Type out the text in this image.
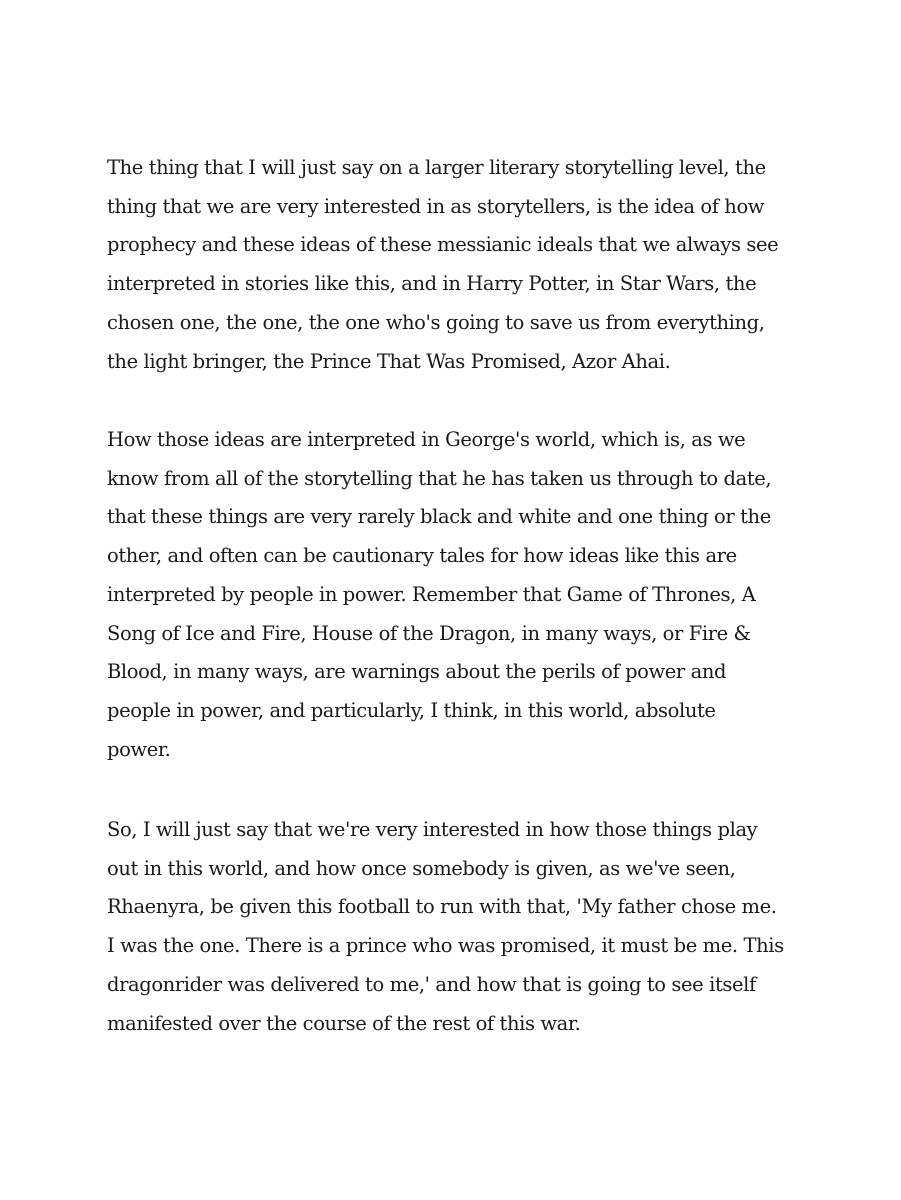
The thing that I will just say on a larger literary storytelling level, the
thing that we are very interested in as storytellers, is the idea of how
prophecy and these ideas of these messianic ideals that we always see
interpreted in stories like this, and in Harry Potter, in Star Wars, the
chosen one, the one, the one who's going to save us from everything,
the light bringer, the Prince That Was Promised, Azor Ahai.

How those ideas are interpreted in George's world, which is, as we
know from all of the storytelling that he has taken us through to date,
that these things are very rarely black and white and one thing or the
other, and often can be cautionary tales for how ideas like this are
interpreted by people in power. Remember that Game of Thrones, A
Song of Ice and Fire, House of the Dragon, in many ways, or Fire &
Blood, in many ways, are warnings about the perils of power and
people in power, and particularly, I think, in this world, absolute
power.

So, I will just say that we're very interested in how those things play
out in this world, and how once somebody is given, as we've seen,
Rhaenyra, be given this football to run with that, 'My father chose me.
I was the one. There is a prince who was promised, it must be me. This
dragonrider was delivered to me,' and how that is going to see itself
manifested over the course of the rest of this war.
